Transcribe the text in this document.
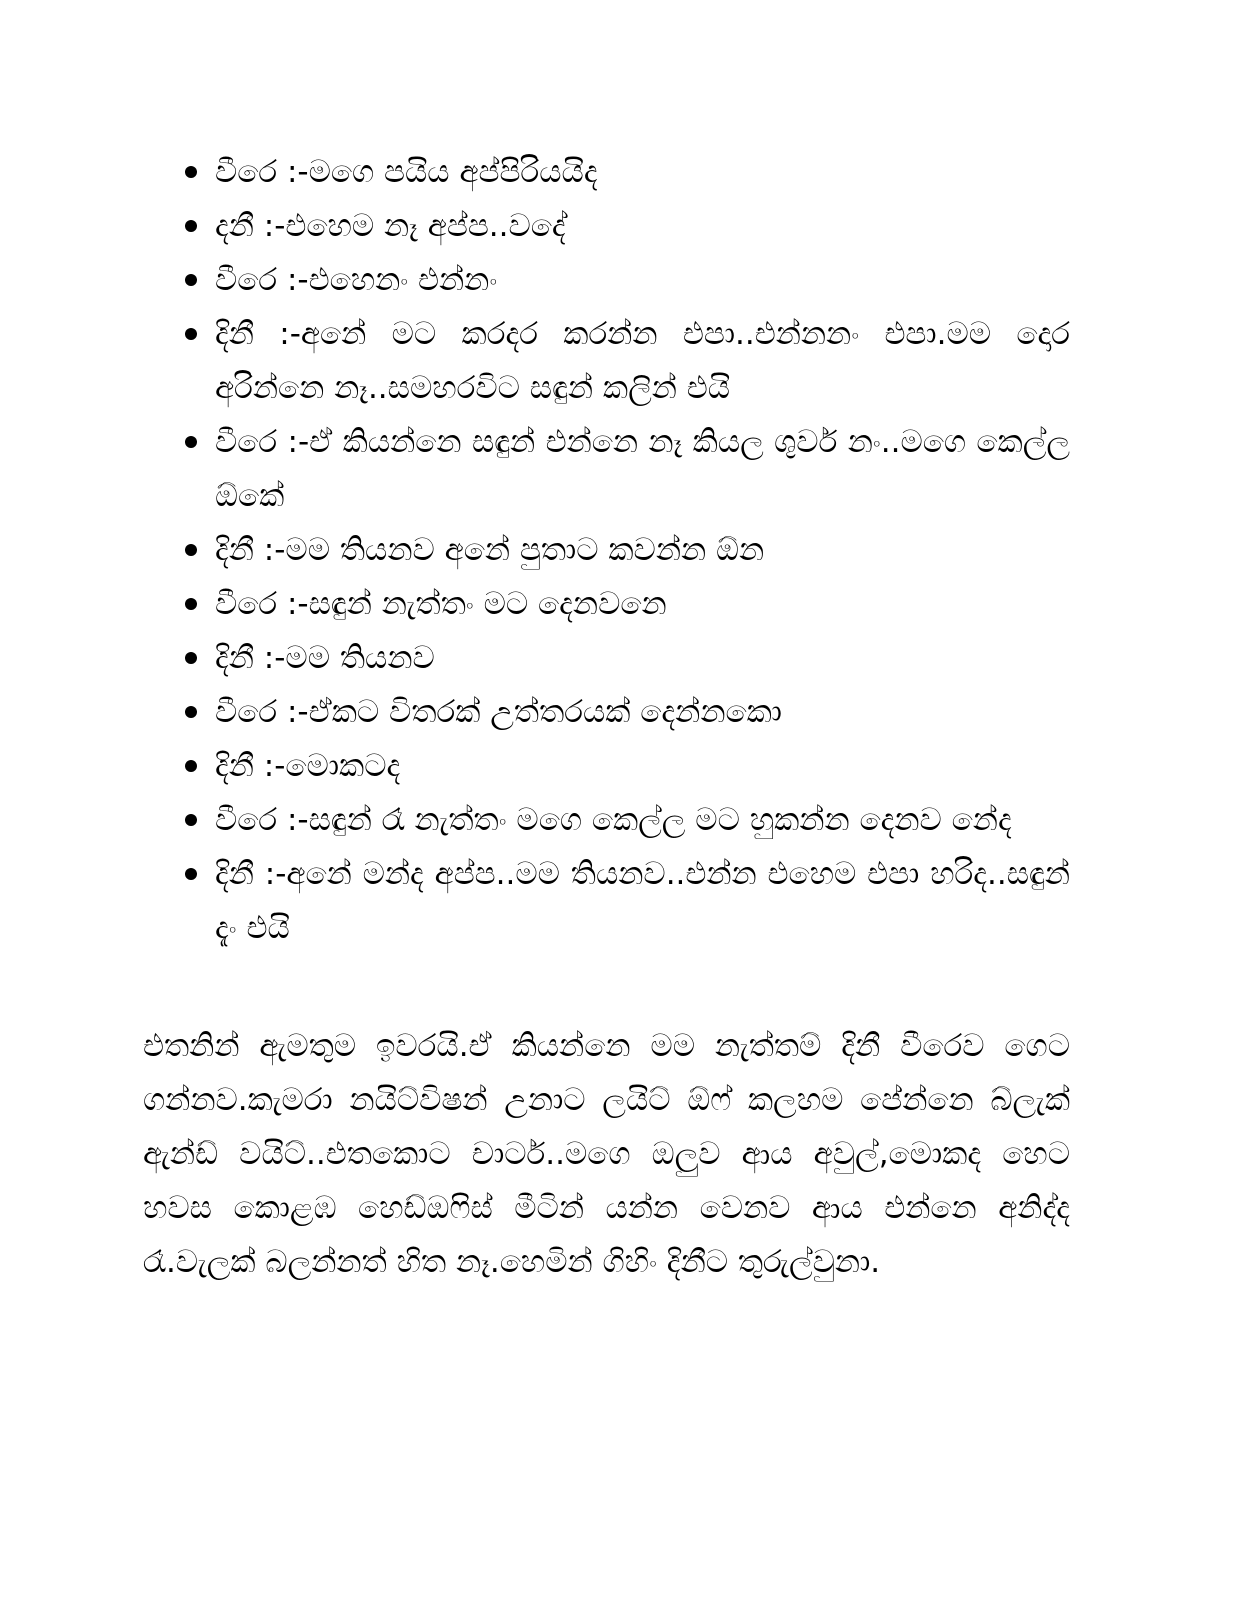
වීරෙ :-මගෙ පයිය අප්පිරියයිද
දනී :-එහෙම නෑ අප්ප..වදේ
වීරෙ :-එහෙනං එන්නං
දිනී :-අනේ මට කරදර කරන්න එපා..එන්නනං එපා.මම දොර අරින්නෙ නෑ..සමහරවිට සඳුන් කලින් එයි
වීරෙ :-ඒ කියන්නෙ සඳුන් එන්නෙ නෑ කියල ශුවර් නං..මගෙ කෙල්ල ඕකේ
දිනී :-මම තියනව අනේ පුතාට කවන්න ඕන
වීරෙ :-සඳුන් නැත්තං මට දෙනවනෙ
දිනී :-මම තියනව
වීරෙ :-ඒකට විතරක් උත්තරයක් දෙන්නකො
දිනී :-මොකටද
වීරෙ :-සඳුන් රෑ නැත්තං මගෙ කෙල්ල මට හුකන්න දෙනව නේද
දිනී :-අනේ මන්ද අප්ප..මම තියනව..එන්න එහෙම එපා හරිද..සඳුන් දැං එයි

එතනින් ඇමතුම ඉවරයි.ඒ කියන්නෙ මම නැත්තම් දිනී වීරෙව ගෙට ගන්නව.කැමරා නයිට්විෂන් උනාට ලයිට් ඕෆ් කලහම පේන්නෙ බ්ලැක් ඇන්ඩ් වයිට්..එතකොට චාටර්..මගෙ ඔලුව ආය අවුල්,මොකද හෙට හවස කොළඹ හෙඩ්ඔෆිස් මීටින් යන්න වෙනව ආය එන්නෙ අනිද්ද රෑ.වැලක් බලන්නත් හිත නෑ.හෙමින් ගිහිං දිනීට තුරුල්වුනා.
